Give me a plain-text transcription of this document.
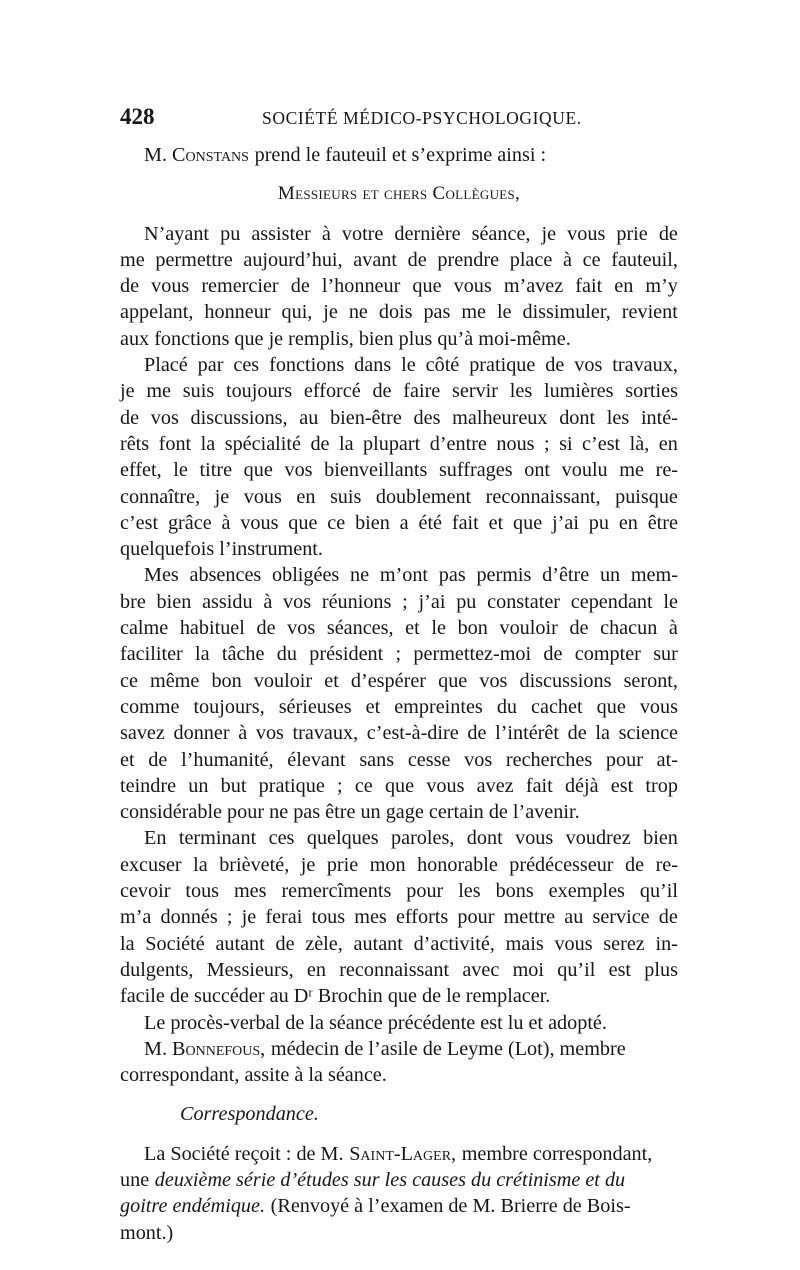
428	SOCIÉTÉ MÉDICO-PSYCHOLOGIQUE.
M. Constans prend le fauteuil et s’exprime ainsi :
Messieurs et chers Collègues,
N’ayant pu assister à votre dernière séance, je vous prie de
me permettre aujourd’hui, avant de prendre place à ce fauteuil,
de vous remercier de l’honneur que vous m’avez fait en m’y
appelant, honneur qui, je ne dois pas me le dissimuler, revient
aux fonctions que je remplis, bien plus qu’à moi-même.
Placé par ces fonctions dans le côté pratique de vos travaux,
je me suis toujours efforcé de faire servir les lumières sorties
de vos discussions, au bien-être des malheureux dont les inté-
rêts font la spécialité de la plupart d’entre nous ; si c’est là, en
effet, le titre que vos bienveillants suffrages ont voulu me re-
connaître, je vous en suis doublement reconnaissant, puisque
c’est grâce à vous que ce bien a été fait et que j’ai pu en être
quelquefois l’instrument.
Mes absences obligées ne m’ont pas permis d’être un mem-
bre bien assidu à vos réunions ; j’ai pu constater cependant le
calme habituel de vos séances, et le bon vouloir de chacun à
faciliter la tâche du président ; permettez-moi de compter sur
ce même bon vouloir et d’espérer que vos discussions seront,
comme toujours, sérieuses et empreintes du cachet que vous
savez donner à vos travaux, c’est-à-dire de l’intérêt de la science
et de l’humanité, élevant sans cesse vos recherches pour at-
teindre un but pratique ; ce que vous avez fait déjà est trop
considérable pour ne pas être un gage certain de l’avenir.
En terminant ces quelques paroles, dont vous voudrez bien
excuser la brièveté, je prie mon honorable prédécesseur de re-
cevoir tous mes remercîments pour les bons exemples qu’il
m’a donnés ; je ferai tous mes efforts pour mettre au service de
la Société autant de zèle, autant d’activité, mais vous serez in-
dulgents, Messieurs, en reconnaissant avec moi qu’il est plus
facile de succéder au Dʳ Brochin que de le remplacer.
Le procès-verbal de la séance précédente est lu et adopté.
M. Bonnefous, médecin de l’asile de Leyme (Lot), membre
correspondant, assite à la séance.
Correspondance.
La Société reçoit : de M. Saint-Lager, membre correspondant,
une deuxième série d’études sur les causes du crétinisme et du
goitre endémique. (Renvoyé à l’examen de M. Brierre de Bois-
mont.)
